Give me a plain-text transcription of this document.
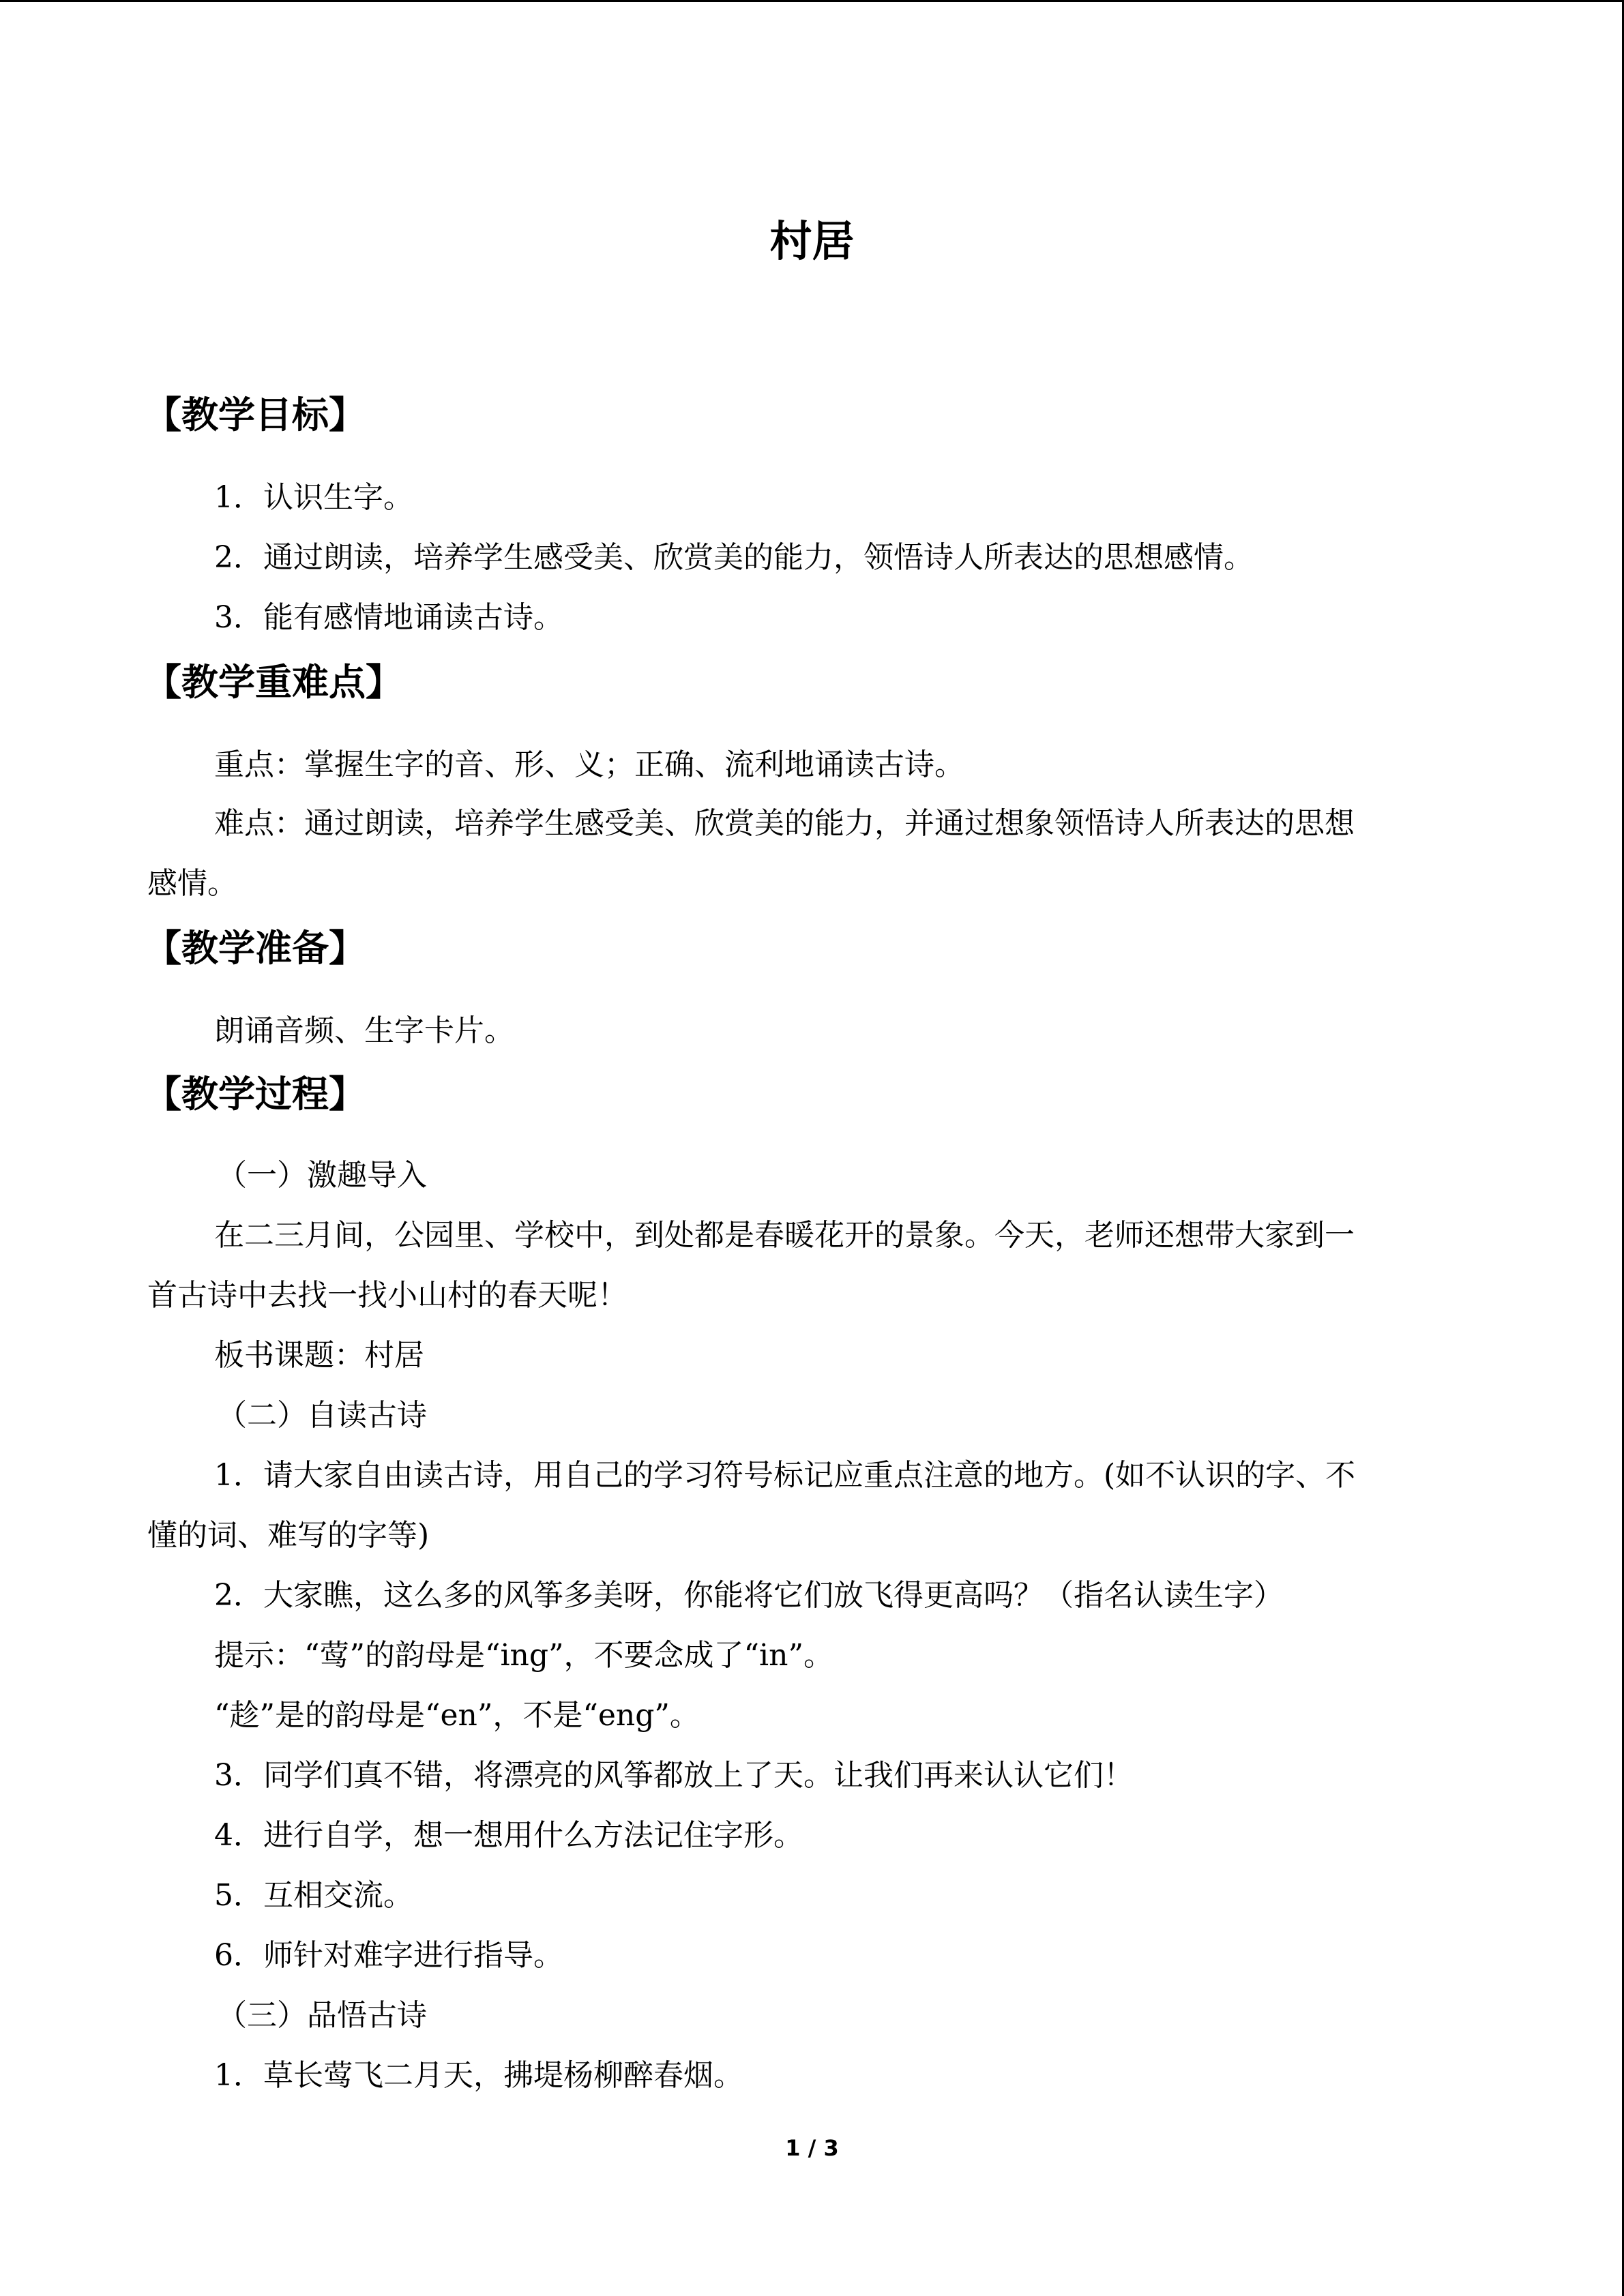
村居
【教学目标】
1．认识生字。
2．通过朗读，培养学生感受美、欣赏美的能力，领悟诗人所表达的思想感情。
3．能有感情地诵读古诗。
【教学重难点】
重点：掌握生字的音、形、义；正确、流利地诵读古诗。
难点：通过朗读，培养学生感受美、欣赏美的能力，并通过想象领悟诗人所表达的思想
感情。
【教学准备】
朗诵音频、生字卡片。
【教学过程】
（一）激趣导入
在二三月间，公园里、学校中，到处都是春暖花开的景象。今天，老师还想带大家到一
首古诗中去找一找小山村的春天呢！
板书课题：村居
（二）自读古诗
1．请大家自由读古诗，用自己的学习符号标记应重点注意的地方。(如不认识的字、不
懂的词、难写的字等)
2．大家瞧，这么多的风筝多美呀，你能将它们放飞得更高吗？（指名认读生字）
提示：“莺”的韵母是“ing”，不要念成了“in”。
“趁”是的韵母是“en”，不是“eng”。
3．同学们真不错，将漂亮的风筝都放上了天。让我们再来认认它们！
4．进行自学，想一想用什么方法记住字形。
5．互相交流。
6．师针对难字进行指导。
（三）品悟古诗
1．草长莺飞二月天，拂堤杨柳醉春烟。
1 / 3
